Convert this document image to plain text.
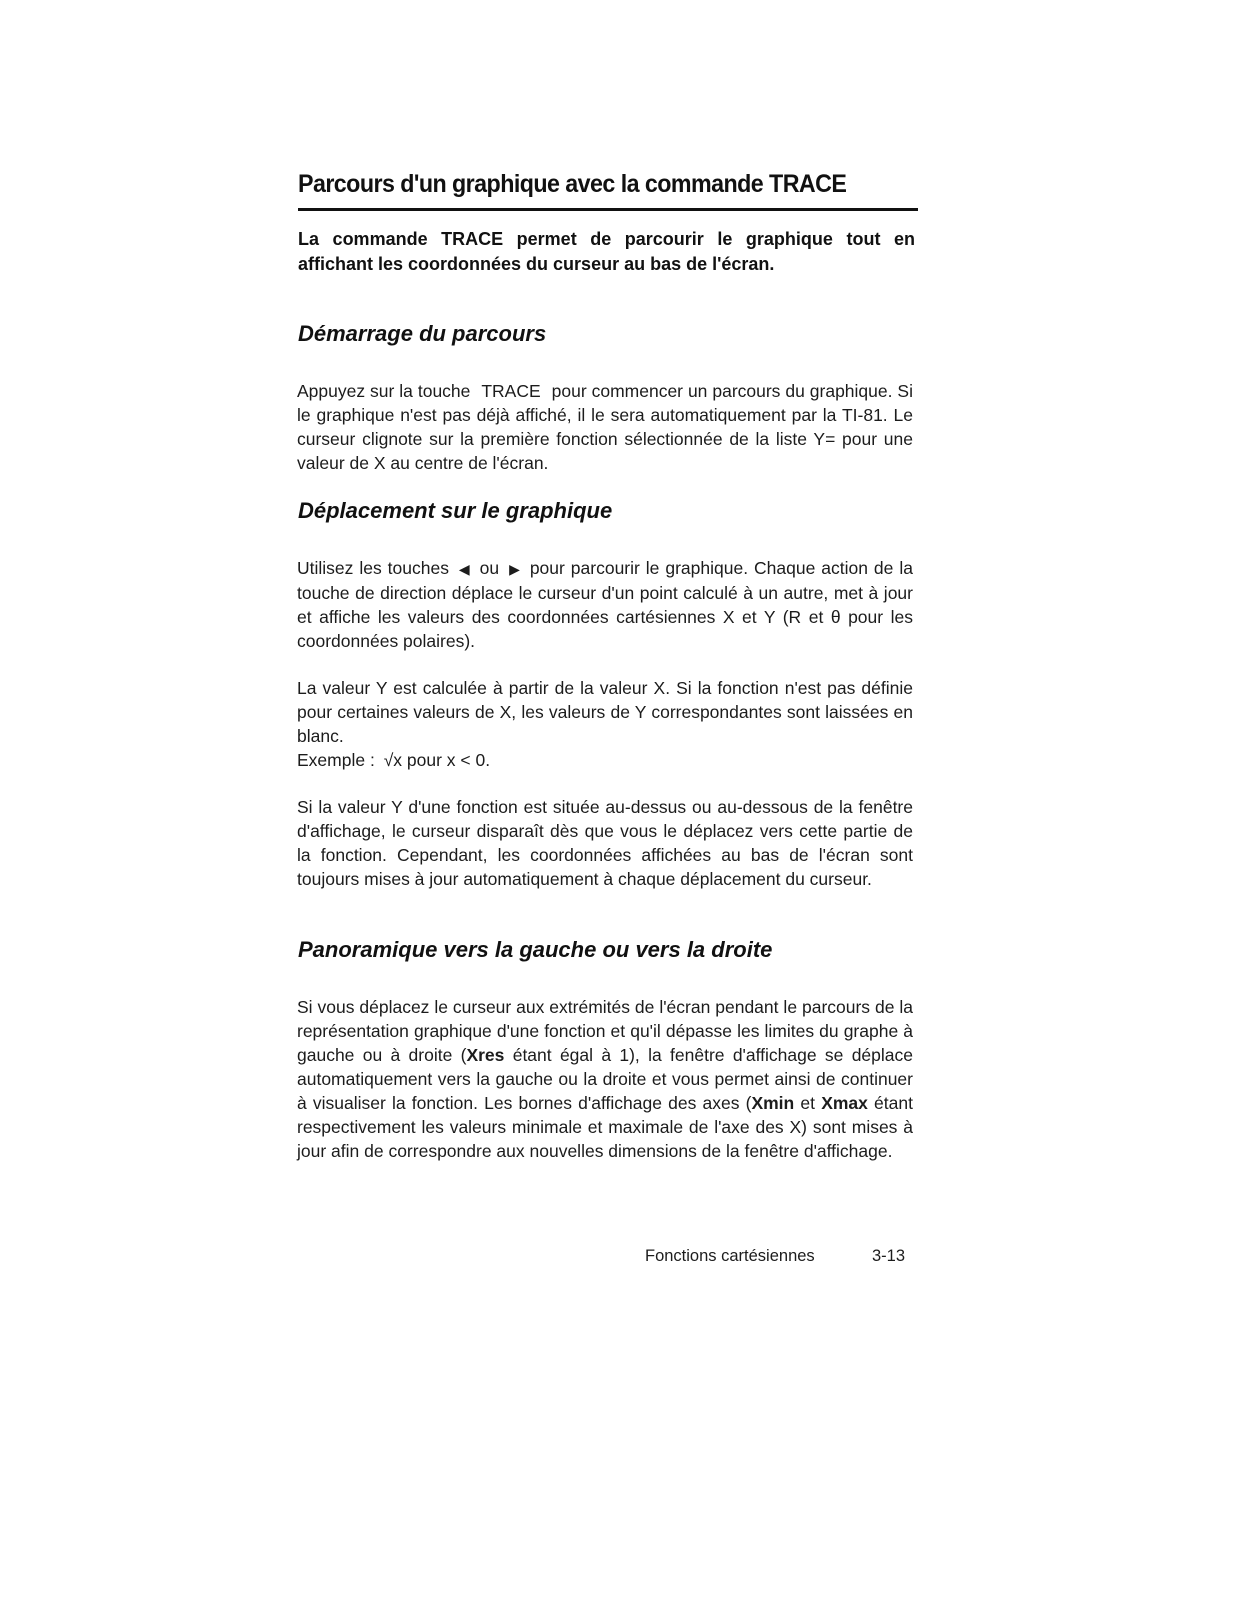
Parcours d'un graphique avec la commande TRACE

La commande TRACE permet de parcourir le graphique tout en affichant les coordonnées du curseur au bas de l'écran.

Démarrage du parcours

Appuyez sur la touche TRACE pour commencer un parcours du graphique. Si le graphique n'est pas déjà affiché, il le sera automatiquement par la TI-81. Le curseur clignote sur la première fonction sélectionnée de la liste Y= pour une valeur de X au centre de l'écran.

Déplacement sur le graphique

Utilisez les touches ◀ ou ▶ pour parcourir le graphique. Chaque action de la touche de direction déplace le curseur d'un point calculé à un autre, met à jour et affiche les valeurs des coordonnées cartésiennes X et Y (R et θ pour les coordonnées polaires).

La valeur Y est calculée à partir de la valeur X. Si la fonction n'est pas définie pour certaines valeurs de X, les valeurs de Y correspondantes sont laissées en blanc.
Exemple : √x pour x < 0.

Si la valeur Y d'une fonction est située au-dessus ou au-dessous de la fenêtre d'affichage, le curseur disparaît dès que vous le déplacez vers cette partie de la fonction. Cependant, les coordonnées affichées au bas de l'écran sont toujours mises à jour automatiquement à chaque déplacement du curseur.

Panoramique vers la gauche ou vers la droite

Si vous déplacez le curseur aux extrémités de l'écran pendant le parcours de la représentation graphique d'une fonction et qu'il dépasse les limites du graphe à gauche ou à droite (Xres étant égal à 1), la fenêtre d'affichage se déplace automatiquement vers la gauche ou la droite et vous permet ainsi de continuer à visualiser la fonction. Les bornes d'affichage des axes (Xmin et Xmax étant respectivement les valeurs minimale et maximale de l'axe des X) sont mises à jour afin de correspondre aux nouvelles dimensions de la fenêtre d'affichage.

Fonctions cartésiennes	3-13
